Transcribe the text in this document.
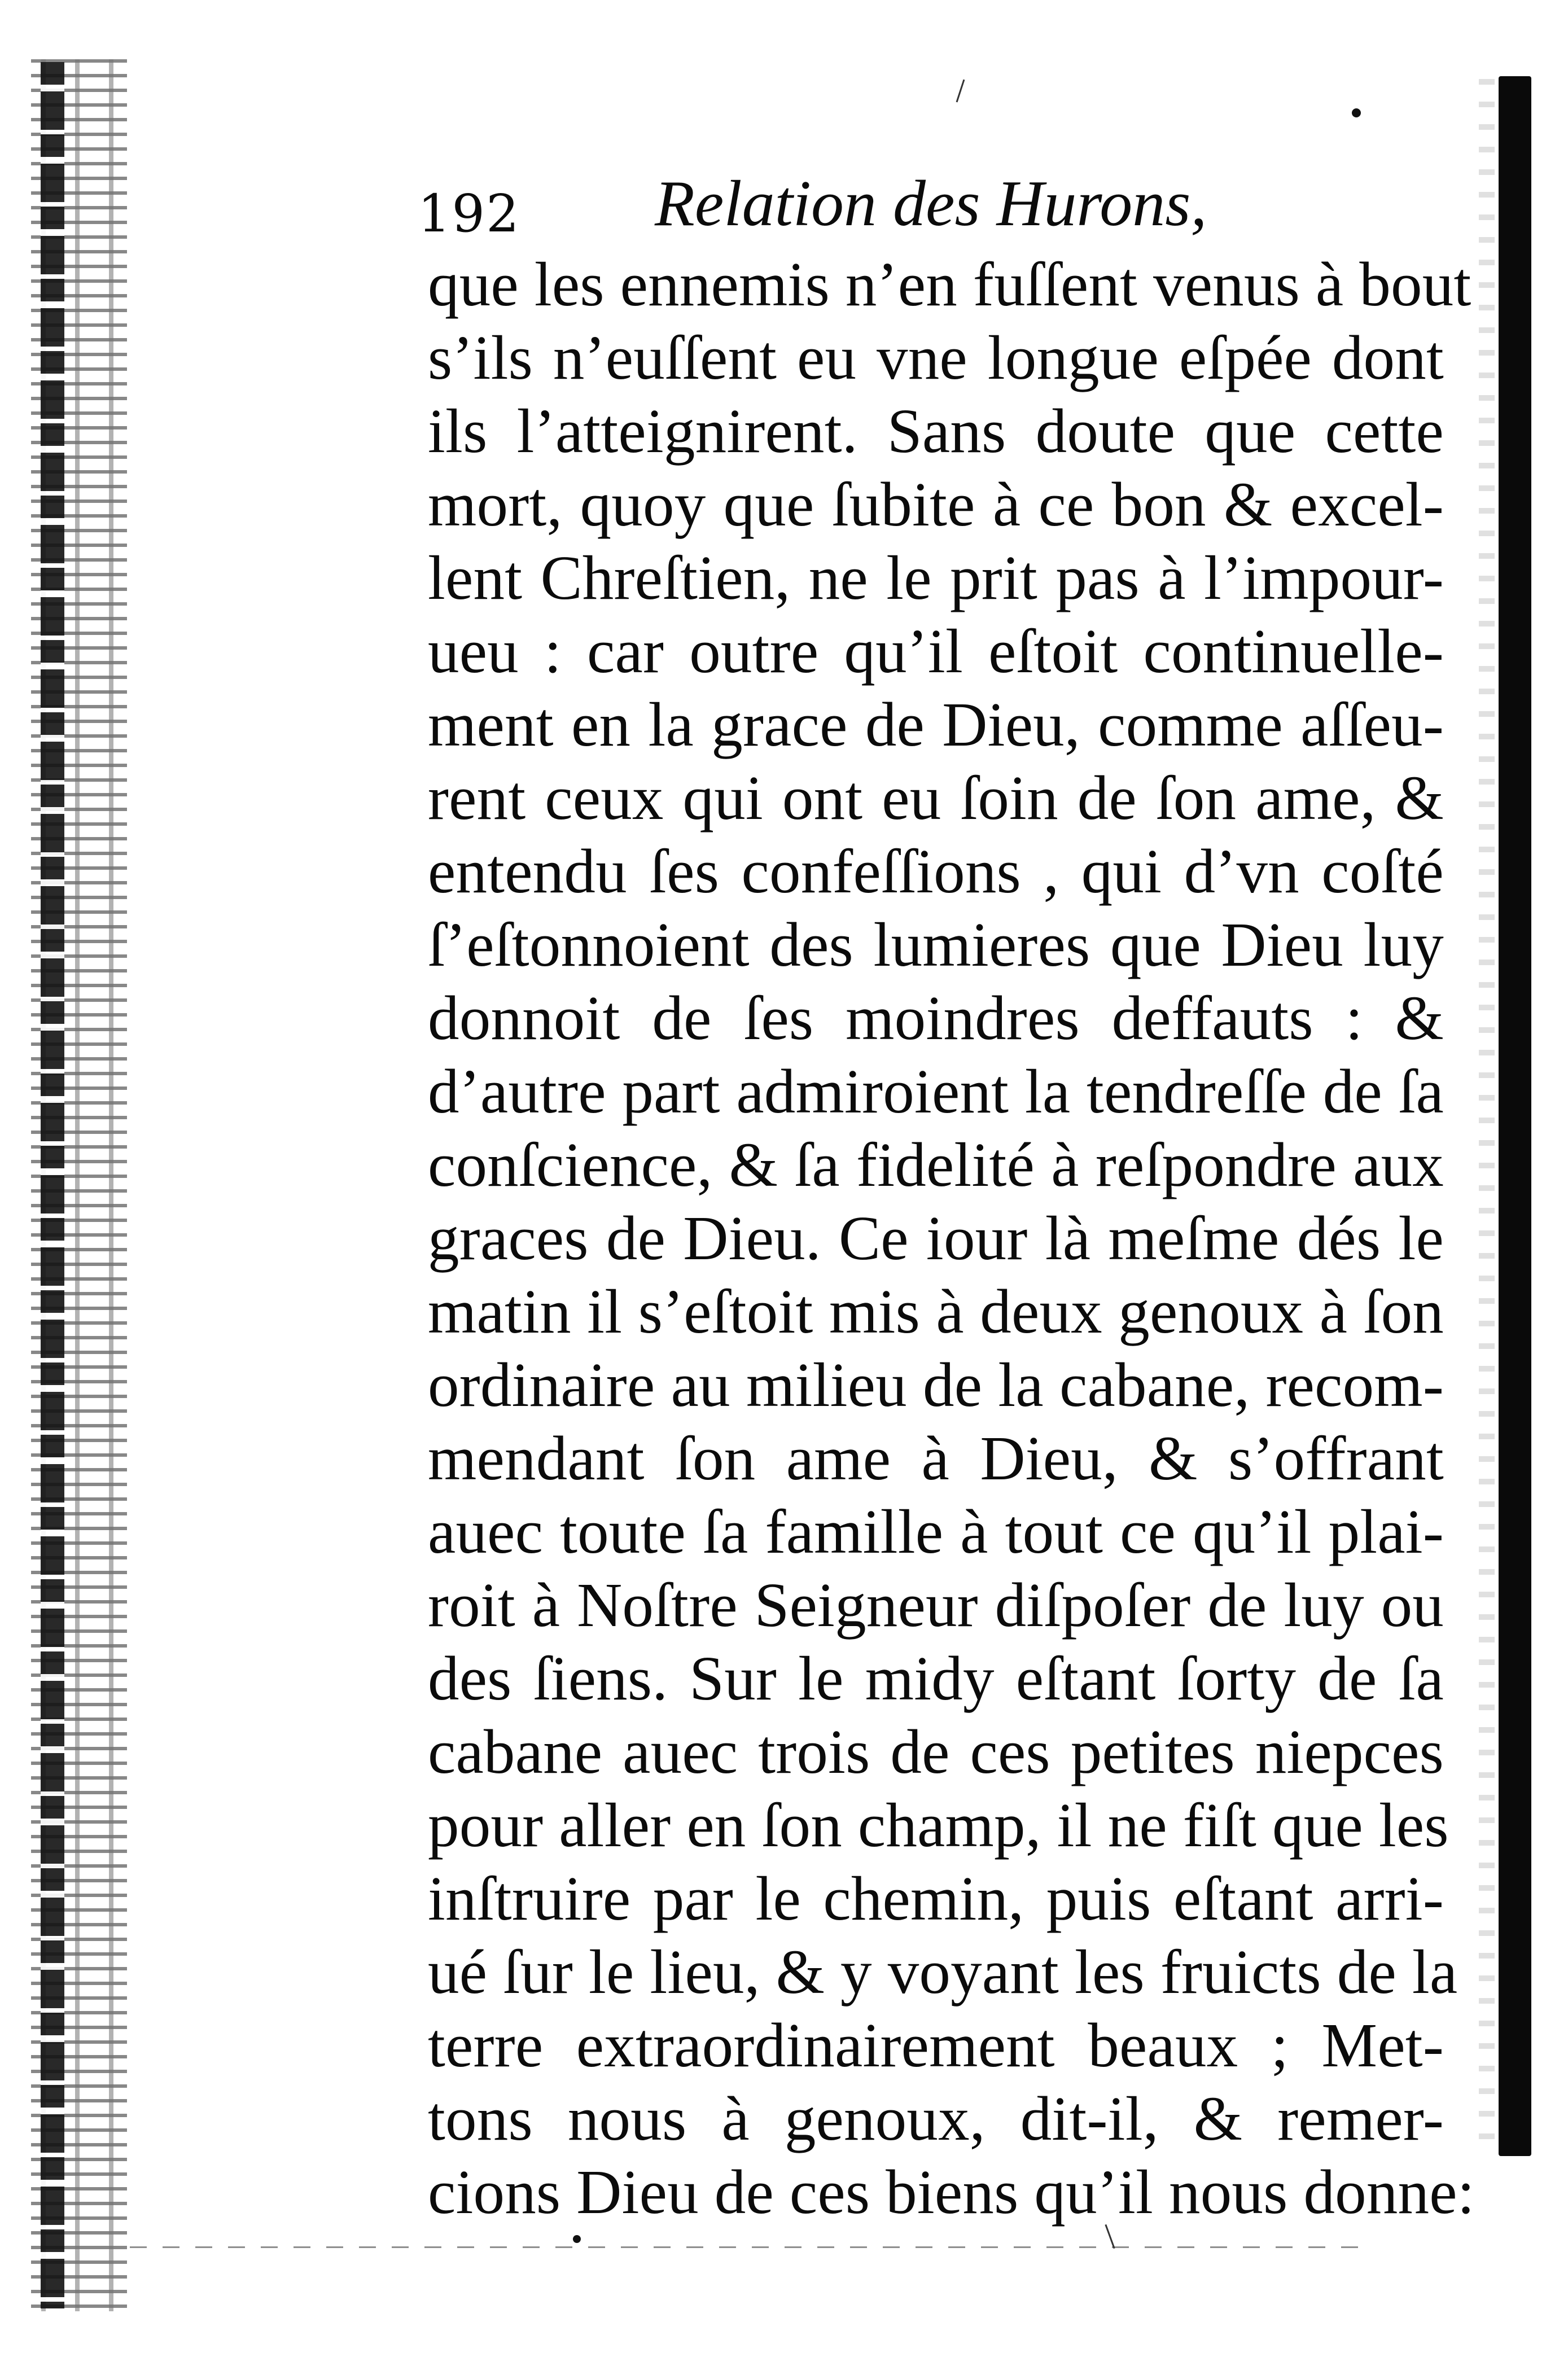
192 Relation des Hurons,
que les ennemis n’en fuſſent venus à bout
s’ils n’euſſent eu vne longue eſpée dont
ils l’atteignirent. Sans doute que cette
mort, quoy que ſubite à ce bon & excel-
lent Chreſtien, ne le prit pas à l’impour-
ueu : car outre qu’il eſtoit continuelle-
ment en la grace de Dieu, comme aſſeu-
rent ceux qui ont eu ſoin de ſon ame, &
entendu ſes confeſſions , qui d’vn coſté
ſ’eſtonnoient des lumieres que Dieu luy
donnoit de ſes moindres deffauts : &
d’autre part admiroient la tendreſſe de ſa
conſcience, & ſa fidelité à reſpondre aux
graces de Dieu. Ce iour là meſme dés le
matin il s’eſtoit mis à deux genoux à ſon
ordinaire au milieu de la cabane, recom-
mendant ſon ame à Dieu, & s’offrant
auec toute ſa famille à tout ce qu’il plai-
roit à Noſtre Seigneur diſpoſer de luy ou
des ſiens. Sur le midy eſtant ſorty de ſa
cabane auec trois de ces petites niepces
pour aller en ſon champ, il ne fiſt que les
inſtruire par le chemin, puis eſtant arri-
ué ſur le lieu, & y voyant les fruicts de la
terre extraordinairement beaux ; Met-
tons nous à genoux, dit-il, & remer-
cions Dieu de ces biens qu’il nous donne:
